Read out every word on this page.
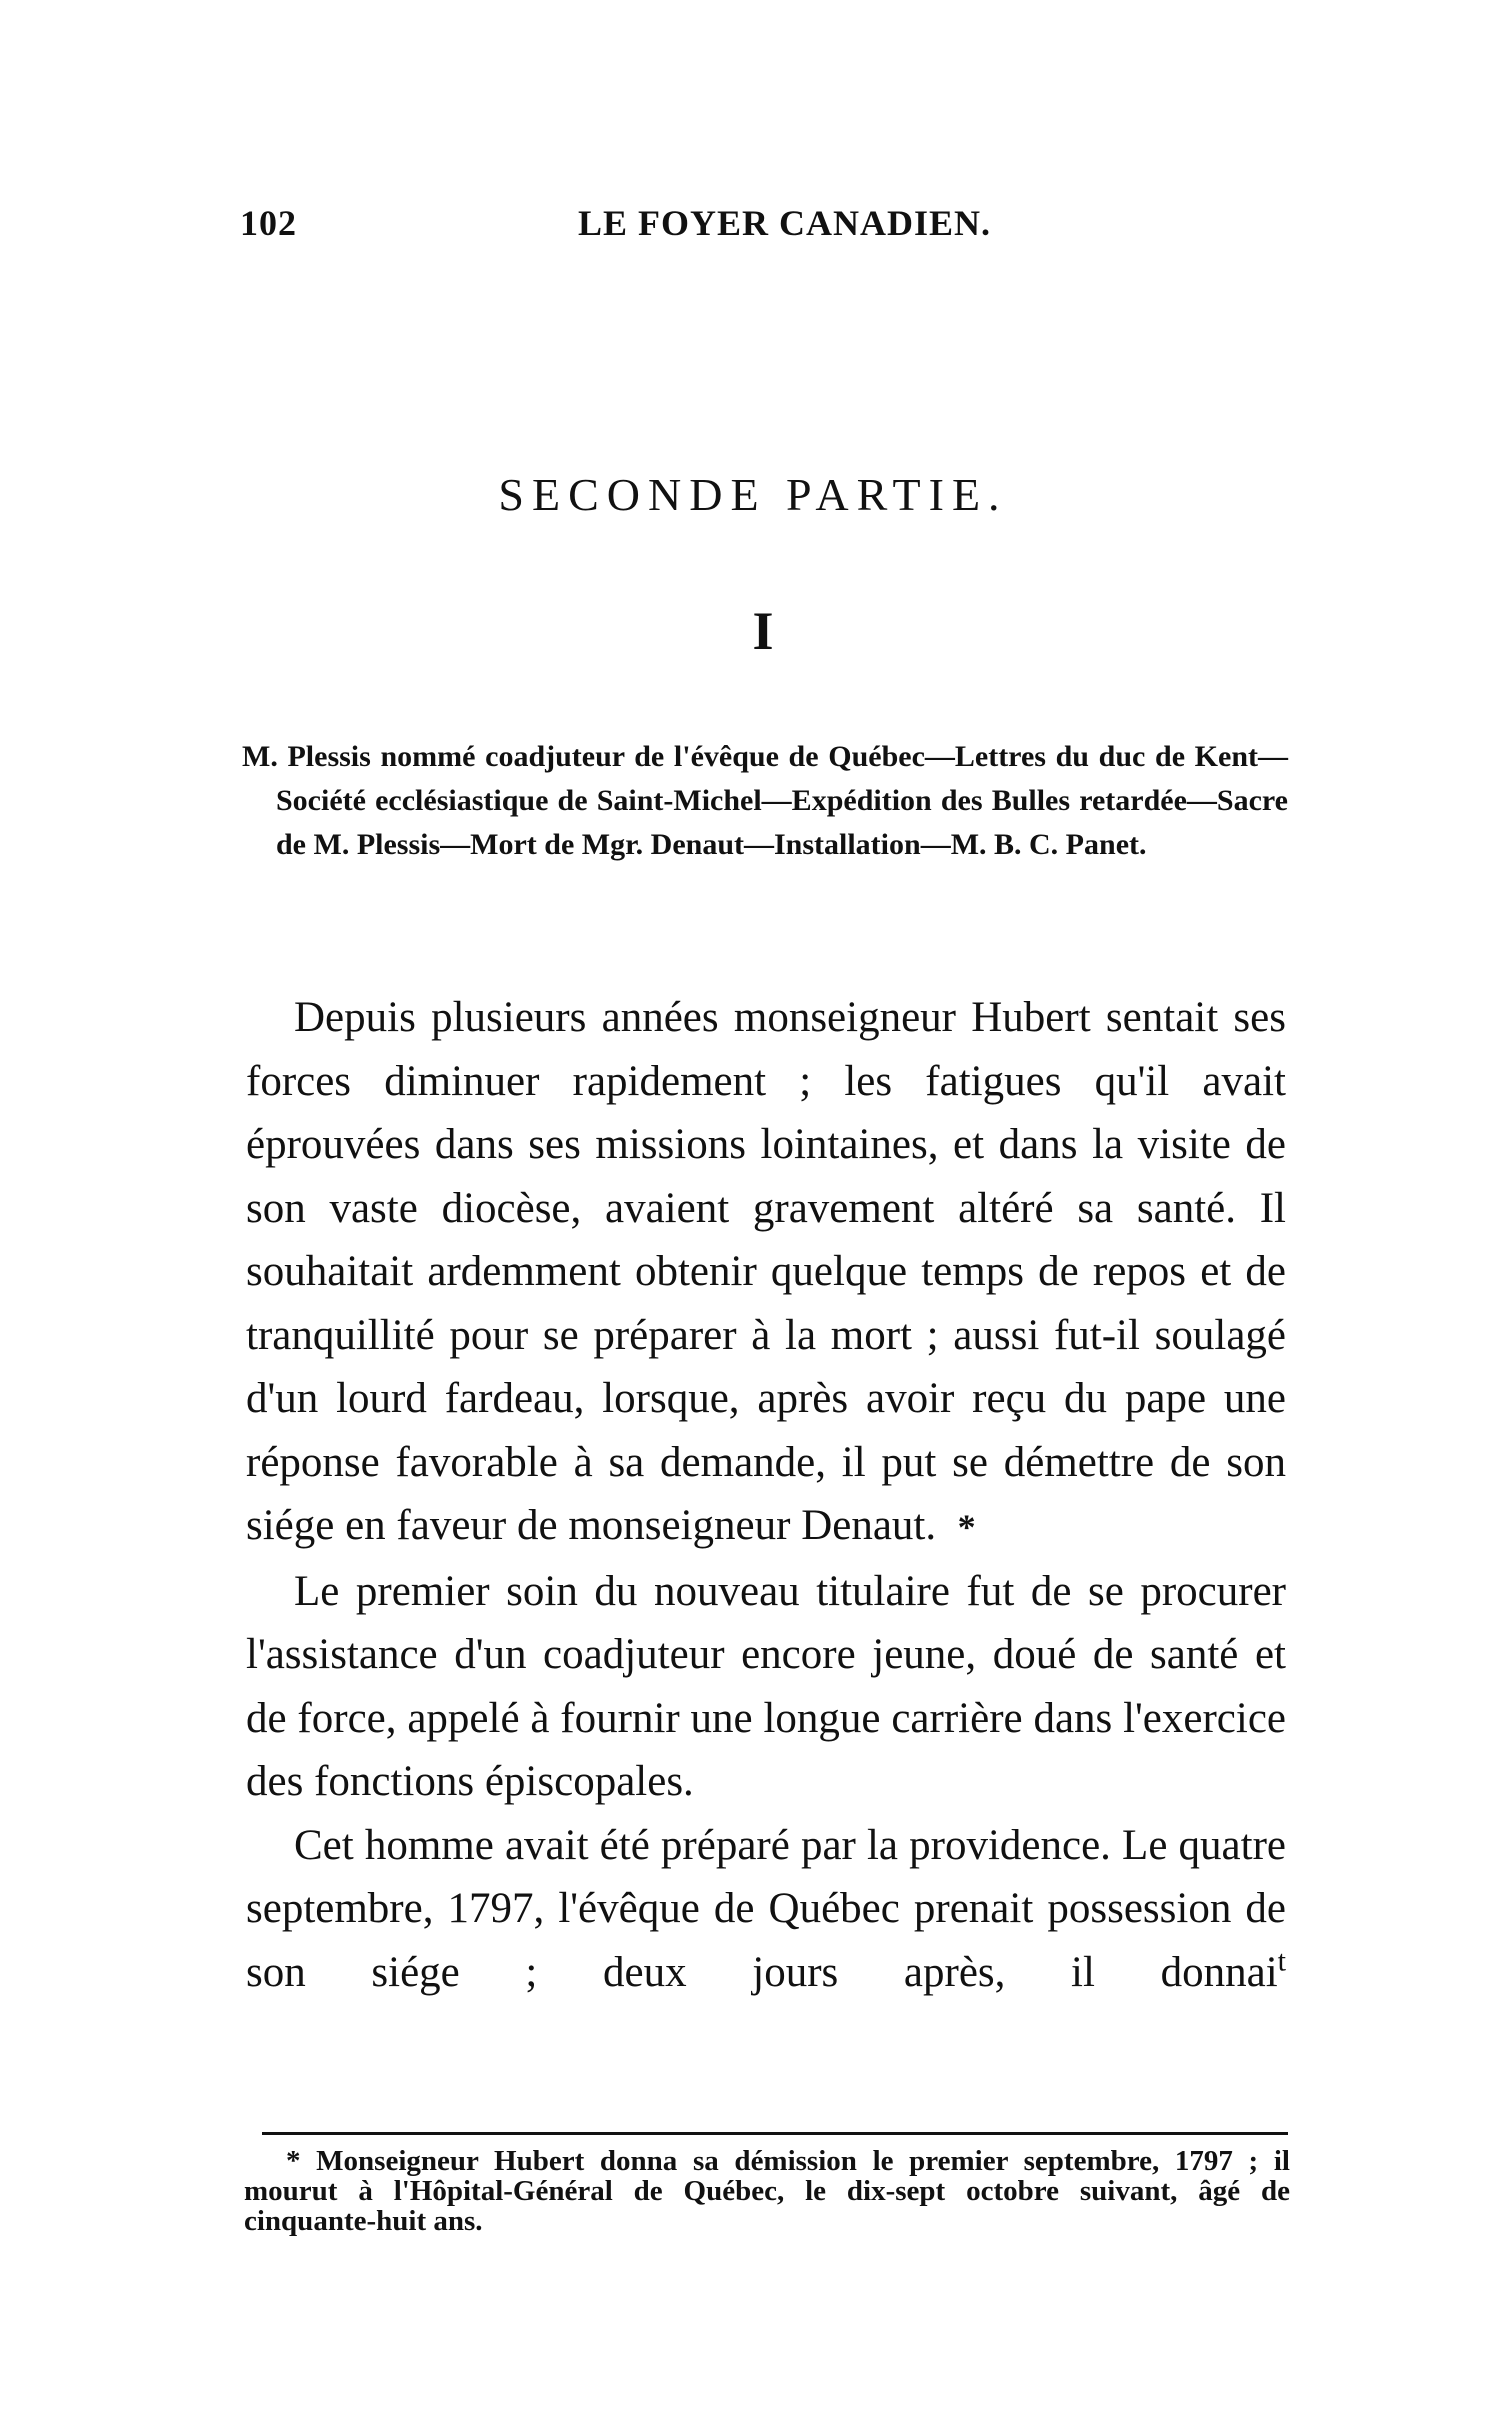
102	LE FOYER CANADIEN.
SECONDE PARTIE.
I
M. Plessis nommé coadjuteur de l'évêque de Québec—Lettres du duc de Kent—Société ecclésiastique de Saint-Michel—Expédition des Bulles retardée—Sacre de M. Plessis—Mort de Mgr. Denaut—Installation—M. B. C. Panet.

Depuis plusieurs années monseigneur Hubert sentait ses forces diminuer rapidement ; les fatigues qu'il avait éprouvées dans ses missions lointaines, et dans la visite de son vaste diocèse, avaient gravement altéré sa santé. Il souhaitait ardemment obtenir quelque temps de repos et de tranquillité pour se préparer à la mort ; aussi fut-il soulagé d'un lourd fardeau, lorsque, après avoir reçu du pape une réponse favorable à sa demande, il put se démettre de son siége en faveur de monseigneur Denaut. *

Le premier soin du nouveau titulaire fut de se procurer l'assistance d'un coadjuteur encore jeune, doué de santé et de force, appelé à fournir une longue carrière dans l'exercice des fonctions épiscopales.

Cet homme avait été préparé par la providence. Le quatre septembre, 1797, l'évêque de Québec prenait possession de son siége ; deux jours après, il donnai$^t$

* Monseigneur Hubert donna sa démission le premier septembre, 1797 ; il mourut à l'Hôpital-Général de Québec, le dix-sept octobre suivant, âgé de cinquante-huit ans.
